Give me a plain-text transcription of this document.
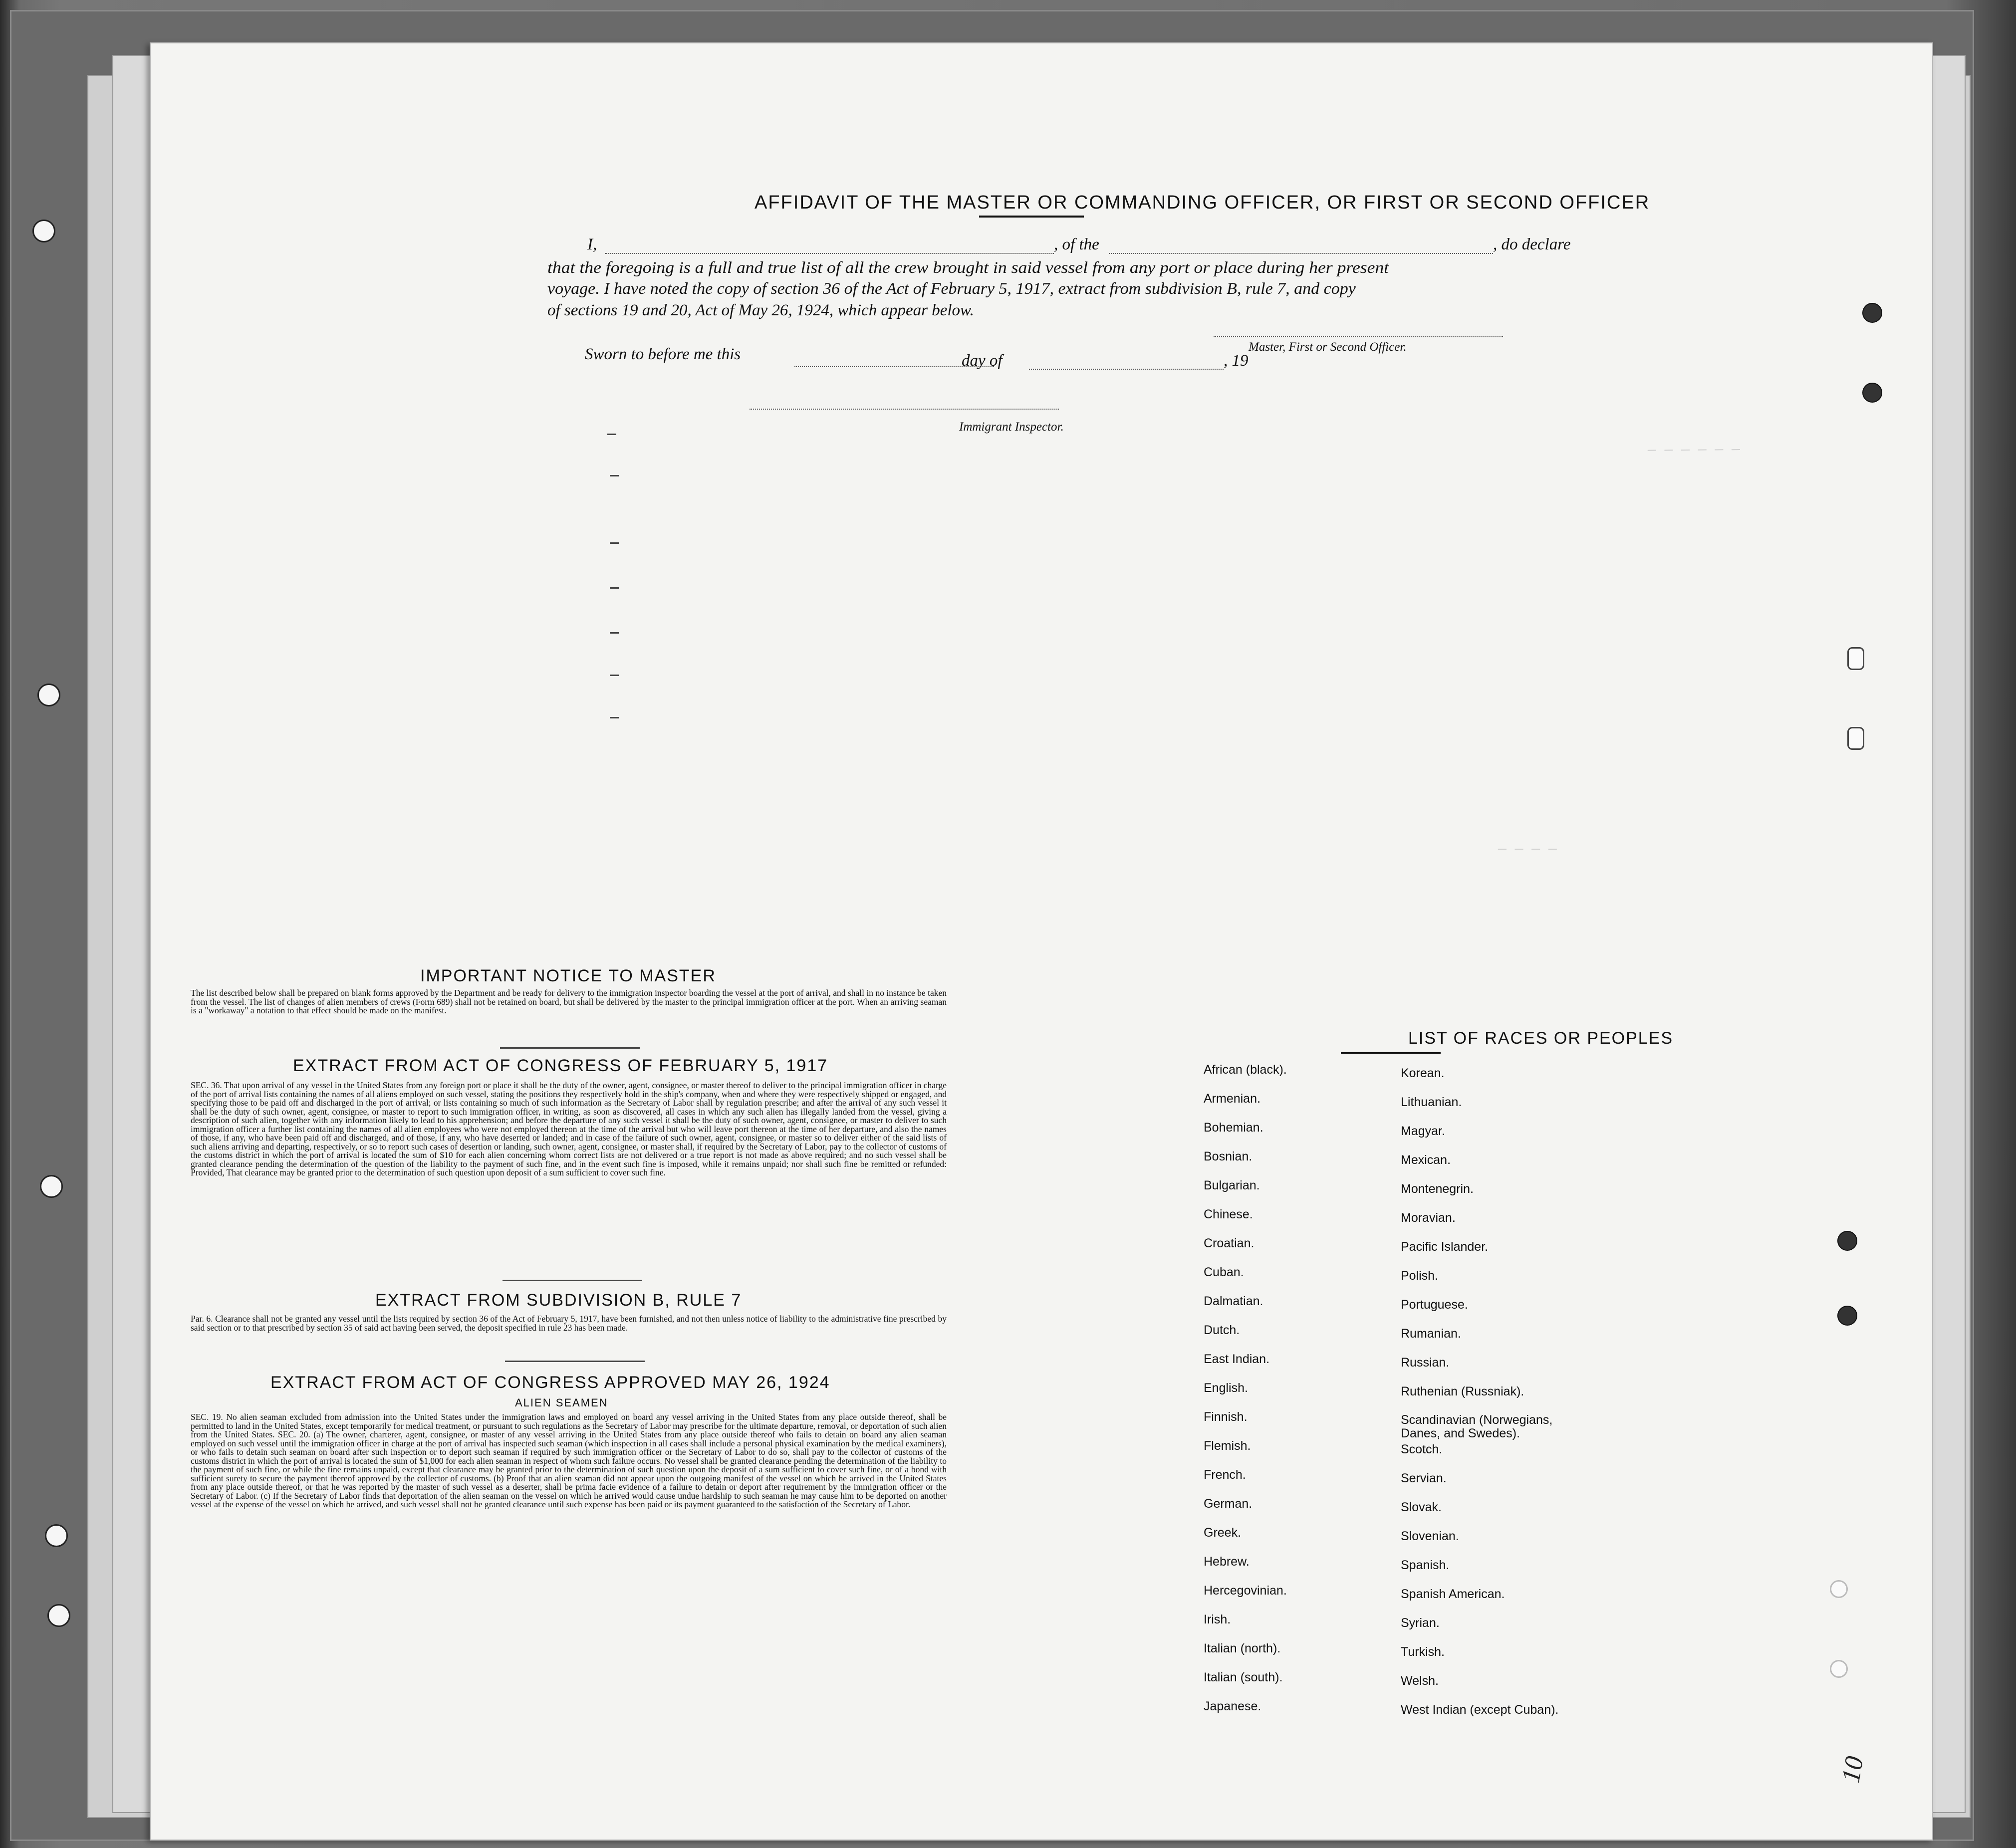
— — — — — —
— — — —
AFFIDAVIT OF THE MASTER OR COMMANDING OFFICER, OR FIRST OR SECOND OFFICER
I,	, of the	, do declare
that the foregoing is a full and true list of all the crew brought in said vessel from any port or place during her present
voyage. I have noted the copy of section 36 of the Act of February 5, 1917, extract from subdivision B, rule 7, and copy
of sections 19 and 20, Act of May 26, 1924, which appear below.
Sworn to before me this	day of	, 19
Master, First or Second Officer.
Immigrant Inspector.
IMPORTANT NOTICE TO MASTER
The list described below shall be prepared on blank forms approved by the Department and be ready for delivery to the immigration inspector boarding the vessel at the port of arrival, and shall in no instance be taken from the vessel. The list of changes of alien members of crews (Form 689) shall not be retained on board, but shall be delivered by the master to the principal immigration officer at the port. When an arriving seaman is a "workaway" a notation to that effect should be made on the manifest.
EXTRACT FROM ACT OF CONGRESS OF FEBRUARY 5, 1917
SEC. 36. That upon arrival of any vessel in the United States from any foreign port or place it shall be the duty of the owner, agent, consignee, or master thereof to deliver to the principal immigration officer in charge of the port of arrival lists containing the names of all aliens employed on such vessel, stating the positions they respectively hold in the ship's company, when and where they were respectively shipped or engaged, and specifying those to be paid off and discharged in the port of arrival; or lists containing so much of such information as the Secretary of Labor shall by regulation prescribe; and after the arrival of any such vessel it shall be the duty of such owner, agent, consignee, or master to report to such immigration officer, in writing, as soon as discovered, all cases in which any such alien has illegally landed from the vessel, giving a description of such alien, together with any information likely to lead to his apprehension; and before the departure of any such vessel it shall be the duty of such owner, agent, consignee, or master to deliver to such immigration officer a further list containing the names of all alien employees who were not employed thereon at the time of the arrival but who will leave port thereon at the time of her departure, and also the names of those, if any, who have been paid off and discharged, and of those, if any, who have deserted or landed; and in case of the failure of such owner, agent, consignee, or master so to deliver either of the said lists of such aliens arriving and departing, respectively, or so to report such cases of desertion or landing, such owner, agent, consignee, or master shall, if required by the Secretary of Labor, pay to the collector of customs of the customs district in which the port of arrival is located the sum of $10 for each alien concerning whom correct lists are not delivered or a true report is not made as above required; and no such vessel shall be granted clearance pending the determination of the question of the liability to the payment of such fine, and in the event such fine is imposed, while it remains unpaid; nor shall such fine be remitted or refunded: Provided, That clearance may be granted prior to the determination of such question upon deposit of a sum sufficient to cover such fine.
EXTRACT FROM SUBDIVISION B, RULE 7
Par. 6. Clearance shall not be granted any vessel until the lists required by section 36 of the Act of February 5, 1917, have been furnished, and not then unless notice of liability to the administrative fine prescribed by said section or to that prescribed by section 35 of said act having been served, the deposit specified in rule 23 has been made.
EXTRACT FROM ACT OF CONGRESS APPROVED MAY 26, 1924
ALIEN SEAMEN
SEC. 19. No alien seaman excluded from admission into the United States under the immigration laws and employed on board any vessel arriving in the United States from any place outside thereof, shall be permitted to land in the United States, except temporarily for medical treatment, or pursuant to such regulations as the Secretary of Labor may prescribe for the ultimate departure, removal, or deportation of such alien from the United States. SEC. 20. (a) The owner, charterer, agent, consignee, or master of any vessel arriving in the United States from any place outside thereof who fails to detain on board any alien seaman employed on such vessel until the immigration officer in charge at the port of arrival has inspected such seaman (which inspection in all cases shall include a personal physical examination by the medical examiners), or who fails to detain such seaman on board after such inspection or to deport such seaman if required by such immigration officer or the Secretary of Labor to do so, shall pay to the collector of customs of the customs district in which the port of arrival is located the sum of $1,000 for each alien seaman in respect of whom such failure occurs. No vessel shall be granted clearance pending the determination of the liability to the payment of such fine, or while the fine remains unpaid, except that clearance may be granted prior to the determination of such question upon the deposit of a sum sufficient to cover such fine, or of a bond with sufficient surety to secure the payment thereof approved by the collector of customs. (b) Proof that an alien seaman did not appear upon the outgoing manifest of the vessel on which he arrived in the United States from any place outside thereof, or that he was reported by the master of such vessel as a deserter, shall be prima facie evidence of a failure to detain or deport after requirement by the immigration officer or the Secretary of Labor. (c) If the Secretary of Labor finds that deportation of the alien seaman on the vessel on which he arrived would cause undue hardship to such seaman he may cause him to be deported on another vessel at the expense of the vessel on which he arrived, and such vessel shall not be granted clearance until such expense has been paid or its payment guaranteed to the satisfaction of the Secretary of Labor.
LIST OF RACES OR PEOPLES
African (black).
Armenian.
Bohemian.
Bosnian.
Bulgarian.
Chinese.
Croatian.
Cuban.
Dalmatian.
Dutch.
East Indian.
English.
Finnish.
Flemish.
French.
German.
Greek.
Hebrew.
Hercegovinian.
Irish.
Italian (north).
Italian (south).
Japanese.
Korean.
Lithuanian.
Magyar.
Mexican.
Montenegrin.
Moravian.
Pacific Islander.
Polish.
Portuguese.
Rumanian.
Russian.
Ruthenian (Russniak).
Scandinavian (Norwegians, Danes, and Swedes).
Scotch.
Servian.
Slovak.
Slovenian.
Spanish.
Spanish American.
Syrian.
Turkish.
Welsh.
West Indian (except Cuban).
10
